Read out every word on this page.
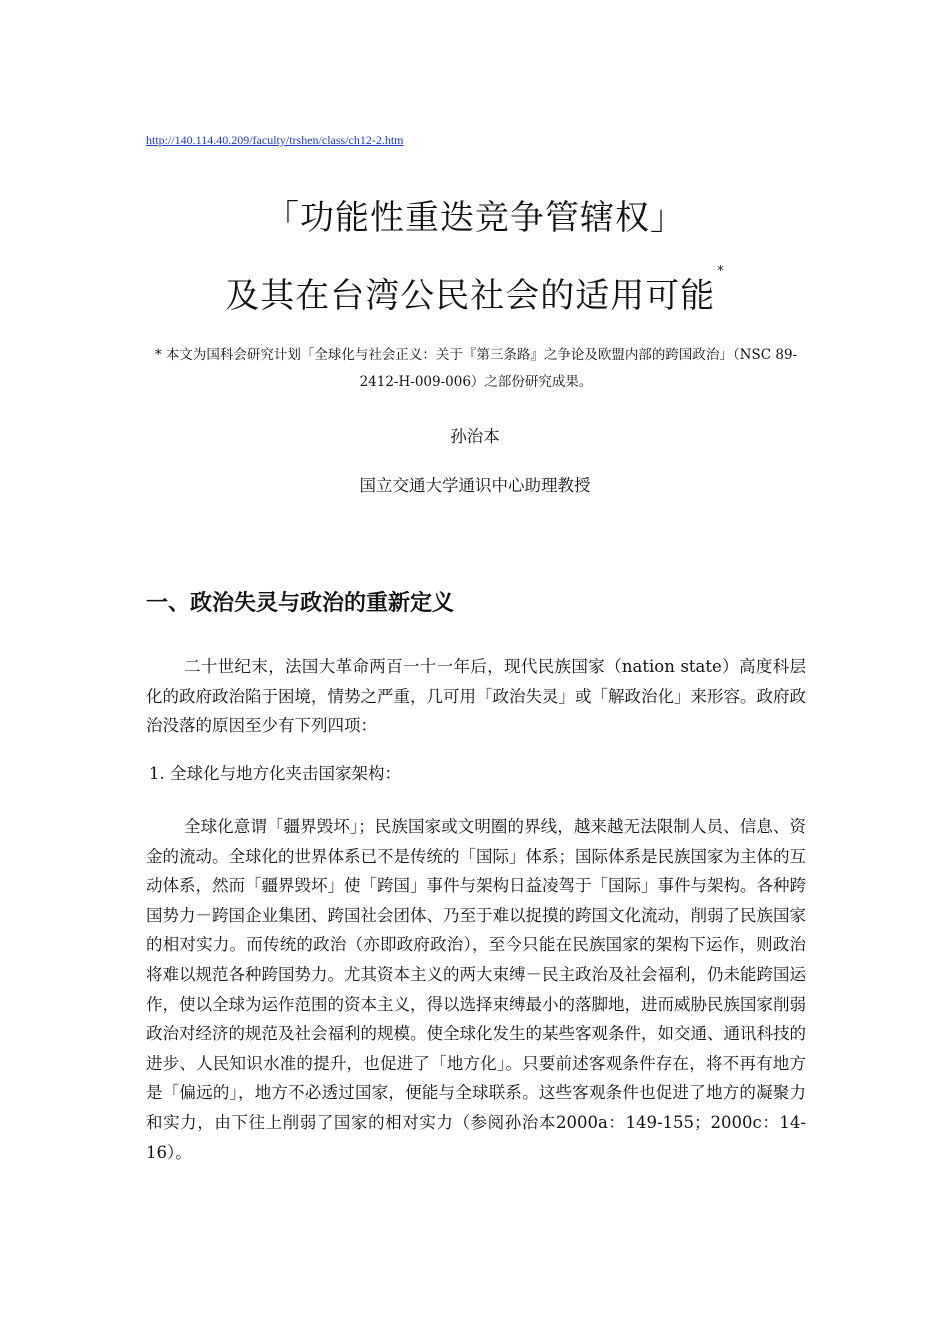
http://140.114.40.209/faculty/trshen/class/ch12-2.htm
「功能性重迭竞争管辖权」
及其在台湾公民社会的适用可能*
* 本文为国科会研究计划「全球化与社会正义：关于『第三条路』之争论及欧盟内部的跨国政治」（NSC 89-2412-H-009-006）之部份研究成果。
孙治本
国立交通大学通识中心助理教授
一、政治失灵与政治的重新定义
二十世纪末，法国大革命两百一十一年后，现代民族国家（nation state）高度科层化的政府政治陷于困境，情势之严重，几可用「政治失灵」或「解政治化」来形容。政府政治没落的原因至少有下列四项：
1. 全球化与地方化夹击国家架构：
全球化意谓「疆界毁坏」；民族国家或文明圈的界线，越来越无法限制人员、信息、资金的流动。全球化的世界体系已不是传统的「国际」体系；国际体系是民族国家为主体的互动体系，然而「疆界毁坏」使「跨国」事件与架构日益凌驾于「国际」事件与架构。各种跨国势力－跨国企业集团、跨国社会团体、乃至于难以捉摸的跨国文化流动，削弱了民族国家的相对实力。而传统的政治（亦即政府政治），至今只能在民族国家的架构下运作，则政治将难以规范各种跨国势力。尤其资本主义的两大束缚－民主政治及社会福利，仍未能跨国运作，使以全球为运作范围的资本主义，得以选择束缚最小的落脚地，进而威胁民族国家削弱政治对经济的规范及社会福利的规模。使全球化发生的某些客观条件，如交通、通讯科技的进步、人民知识水准的提升，也促进了「地方化」。只要前述客观条件存在，将不再有地方是「偏远的」，地方不必透过国家，便能与全球联系。这些客观条件也促进了地方的凝聚力和实力，由下往上削弱了国家的相对实力（参阅孙治本2000a：149-155；2000c：14-16）。
